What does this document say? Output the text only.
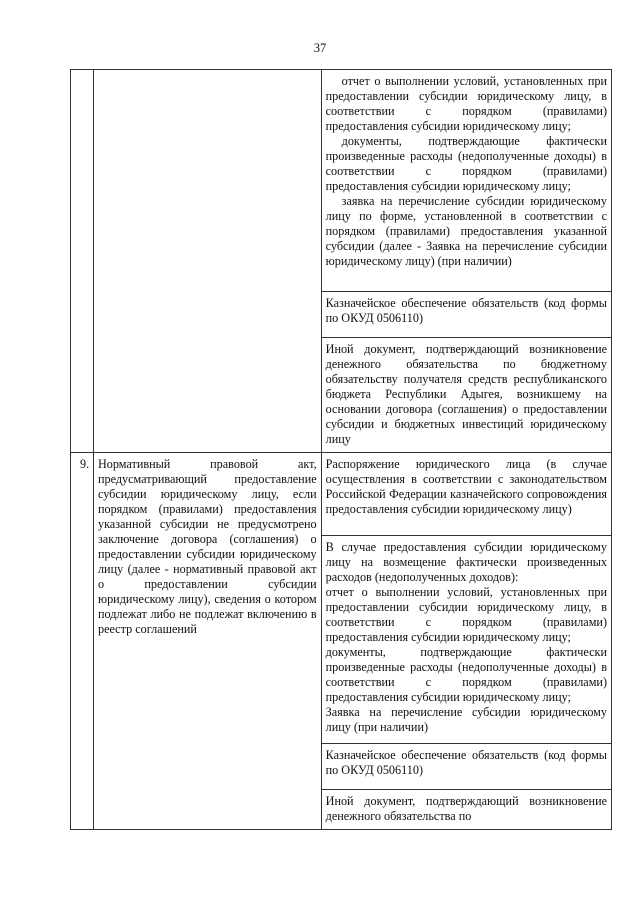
37

		отчет о выполнении условий, установленных при предоставлении субсидии юридическому лицу, в соответствии с порядком (правилами) предоставления субсидии юридическому лицу;
документы, подтверждающие фактически произведенные расходы (недополученные доходы) в соответствии с порядком (правилами) предоставления субсидии юридическому лицу;
заявка на перечисление субсидии юридическому лицу по форме, установленной в соответствии с порядком (правилами) предоставления указанной субсидии (далее - Заявка на перечисление субсидии юридическому лицу) (при наличии)

		Казначейское обеспечение обязательств (код формы по ОКУД 0506110)

		Иной документ, подтверждающий возникновение денежного обязательства по бюджетному обязательству получателя средств республиканского бюджета Республики Адыгея, возникшему на основании договора (соглашения) о предоставлении субсидии и бюджетных инвестиций юридическому лицу

9.	Нормативный правовой акт, предусматривающий предоставление субсидии юридическому лицу, если порядком (правилами) предоставления указанной субсидии не предусмотрено заключение договора (соглашения) о предоставлении субсидии юридическому лицу (далее - нормативный правовой акт о предоставлении субсидии юридическому лицу), сведения о котором подлежат либо не подлежат включению в реестр соглашений	Распоряжение юридического лица (в случае осуществления в соответствии с законодательством Российской Федерации казначейского сопровождения предоставления субсидии юридическому лицу)

		В случае предоставления субсидии юридическому лицу на возмещение фактически произведенных расходов (недополученных доходов):
отчет о выполнении условий, установленных при предоставлении субсидии юридическому лицу, в соответствии с порядком (правилами) предоставления субсидии юридическому лицу;
документы, подтверждающие фактически произведенные расходы (недополученные доходы) в соответствии с порядком (правилами) предоставления субсидии юридическому лицу;
Заявка на перечисление субсидии юридическому лицу (при наличии)

		Казначейское обеспечение обязательств (код формы по ОКУД 0506110)

		Иной документ, подтверждающий возникновение денежного обязательства по
